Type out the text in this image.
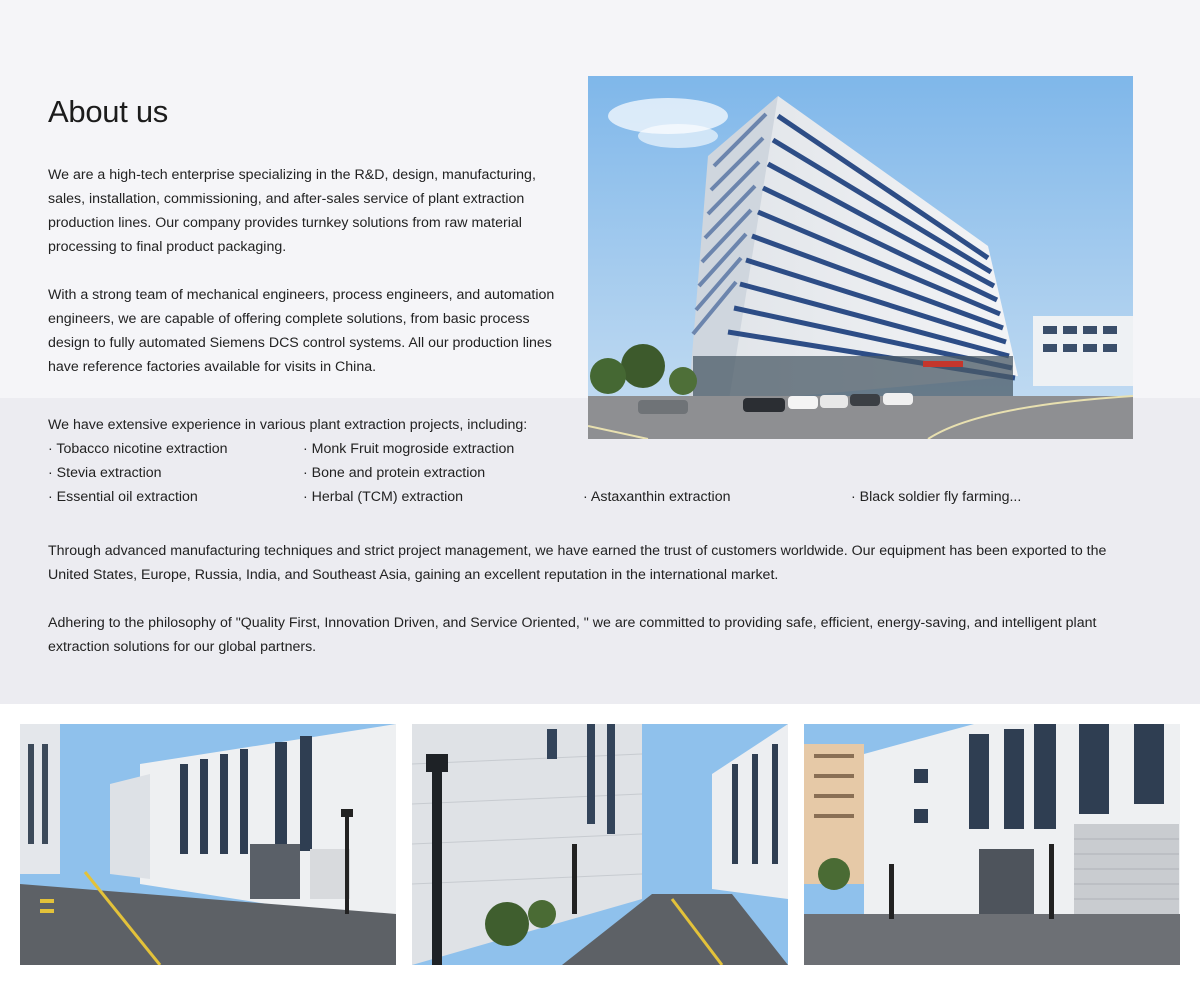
About us

We are a high-tech enterprise specializing in the R&D, design, manufacturing, sales, installation, commissioning, and after-sales service of plant extraction production lines. Our company provides turnkey solutions from raw material processing to final product packaging.

With a strong team of mechanical engineers, process engineers, and automation engineers, we are capable of offering complete solutions, from basic process design to fully automated Siemens DCS control systems. All our production lines have reference factories available for visits in China.

We have extensive experience in various plant extraction projects, including:

· Tobacco nicotine extraction	· Monk Fruit mogroside extraction
· Stevia extraction	· Bone and protein extraction
· Essential oil extraction	· Herbal (TCM) extraction	· Astaxanthin extraction	· Black soldier fly farming...

Through advanced manufacturing techniques and strict project management, we have earned the trust of customers worldwide. Our equipment has been exported to the United States, Europe, Russia, India, and Southeast Asia, gaining an excellent reputation in the international market.

Adhering to the philosophy of "Quality First, Innovation Driven, and Service Oriented, " we are committed to providing safe, efficient, energy-saving, and intelligent plant extraction solutions for our global partners.
